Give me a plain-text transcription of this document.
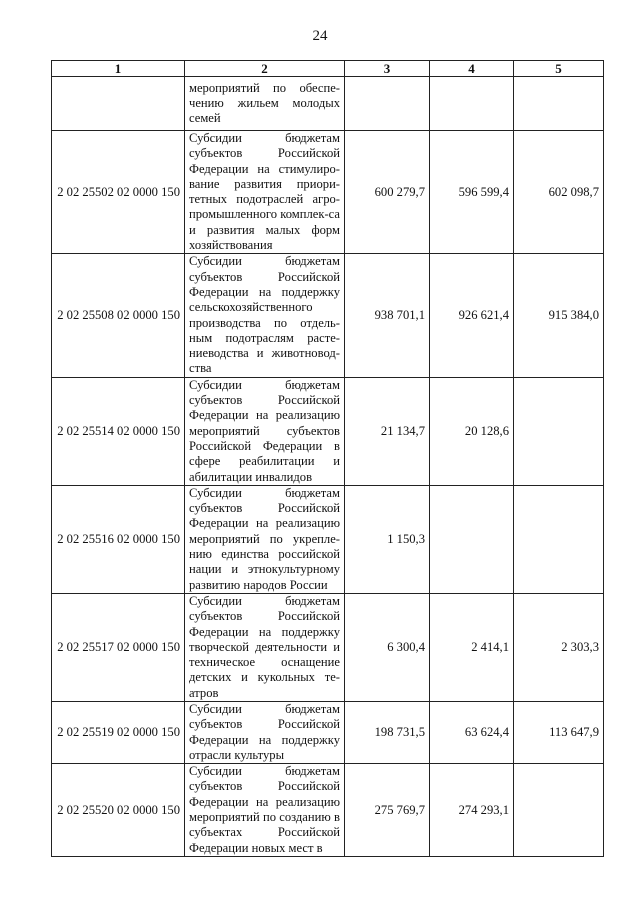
24
1	2	3	4	5
	мероприятий по обеспе-чению жильем молодых семей			
2 02 25502 02 0000 150	Субсидии бюджетам субъектов Российской Федерации на стимулиро-вание развития приори-тетных подотраслей агро-промышленного комплек-са и развития малых форм хозяйствования	600 279,7	596 599,4	602 098,7
2 02 25508 02 0000 150	Субсидии бюджетам субъектов Российской Федерации на поддержку сельскохозяйственного производства по отдель-ным подотраслям расте-ниеводства и животновод-ства	938 701,1	926 621,4	915 384,0
2 02 25514 02 0000 150	Субсидии бюджетам субъектов Российской Федерации на реализацию мероприятий субъектов Российской Федерации в сфере реабилитации и абилитации инвалидов	21 134,7	20 128,6	
2 02 25516 02 0000 150	Субсидии бюджетам субъектов Российской Федерации на реализацию мероприятий по укрепле-нию единства российской нации и этнокультурному развитию народов России	1 150,3		
2 02 25517 02 0000 150	Субсидии бюджетам субъектов Российской Федерации на поддержку творческой деятельности и техническое оснащение детских и кукольных те-атров	6 300,4	2 414,1	2 303,3
2 02 25519 02 0000 150	Субсидии бюджетам субъектов Российской Федерации на поддержку отрасли культуры	198 731,5	63 624,4	113 647,9
2 02 25520 02 0000 150	Субсидии бюджетам субъектов Российской Федерации на реализацию мероприятий по созданию в субъектах Российской Федерации новых мест в	275 769,7	274 293,1	
